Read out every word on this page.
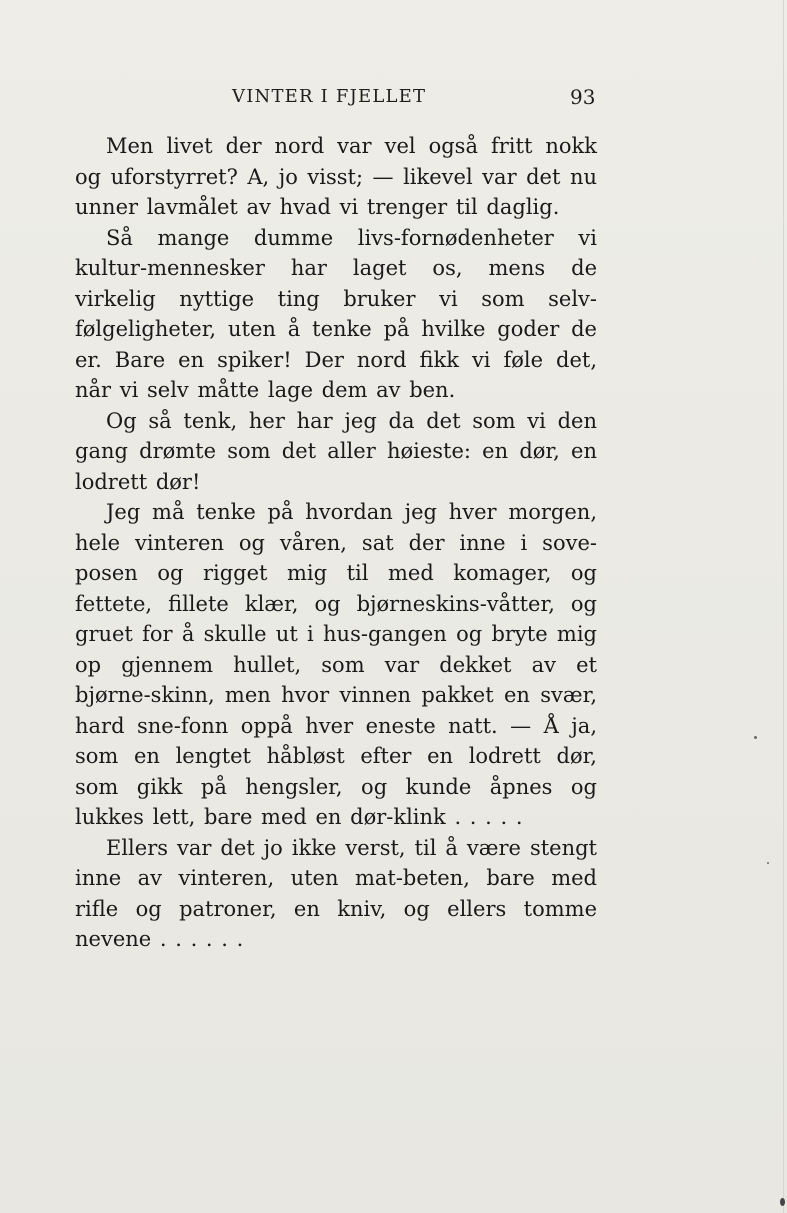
VINTER I FJELLET	93

Men livet der nord var vel også fritt nokk og uforstyrret? A, jo visst; — likevel var det nu unner lavmålet av hvad vi trenger til daglig.

Så mange dumme livs-fornødenheter vi kultur-mennesker har laget os, mens de virkelig nyttige ting bruker vi som selv-følgeligheter, uten å tenke på hvilke goder de er. Bare en spiker! Der nord fikk vi føle det, når vi selv måtte lage dem av ben.

Og så tenk, her har jeg da det som vi den gang drømte som det aller høieste: en dør, en lodrett dør!

Jeg må tenke på hvordan jeg hver morgen, hele vinteren og våren, sat der inne i sove-posen og rigget mig til med komager, og fettete, fillete klær, og bjørneskins-våtter, og gruet for å skulle ut i hus-gangen og bryte mig op gjennem hullet, som var dekket av et bjørne-skinn, men hvor vinnen pakket en svær, hard sne-fonn oppå hver eneste natt. — Å ja, som en lengtet håbløst efter en lodrett dør, som gikk på hengsler, og kunde åpnes og lukkes lett, bare med en dør-klink . . . . .

Ellers var det jo ikke verst, til å være stengt inne av vinteren, uten mat-beten, bare med rifle og patroner, en kniv, og ellers tomme nevene . . . . . .
